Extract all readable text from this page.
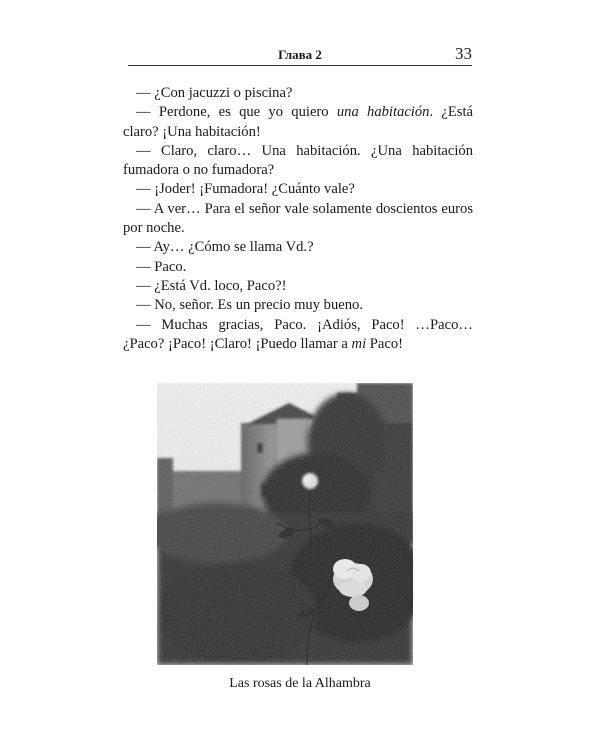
Глава 2	33

— ¿Con jacuzzi o piscina?

— Perdone, es que yo quiero una habitación. ¿Está claro? ¡Una habitación!

— Claro, claro… Una habitación. ¿Una habitación fumadora o no fumadora?

— ¡Joder! ¡Fumadora! ¿Cuánto vale?

— A ver… Para el señor vale solamente doscientos euros por noche.

— Ay… ¿Cómo se llama Vd.?

— Paco.

— ¿Está Vd. loco, Paco?!

— No, señor. Es un precio muy bueno.

— Muchas gracias, Paco. ¡Adiós, Paco! …Paco… ¿Paco? ¡Paco! ¡Claro! ¡Puedo llamar a mi Paco!

Las rosas de la Alhambra
